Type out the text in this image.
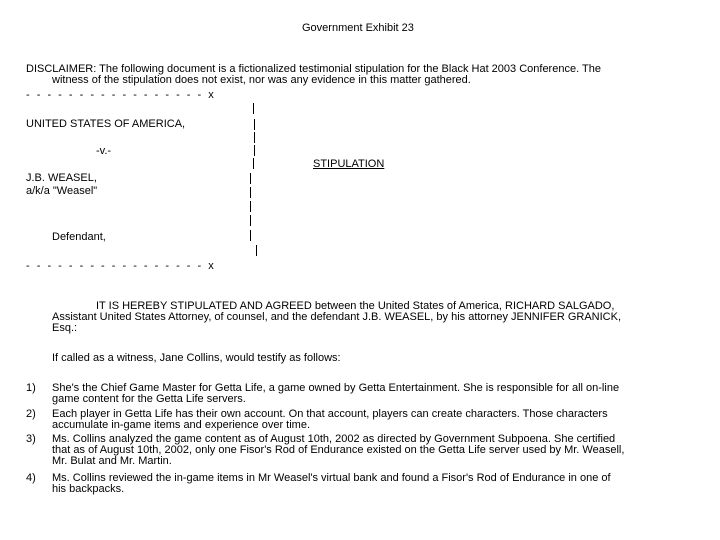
Government Exhibit 23
DISCLAIMER: The following document is a fictionalized testimonial stipulation for the Black Hat 2003 Conference. The
witness of the stipulation does not exist, nor was any evidence in this matter gathered.
- - - - - - - - - - - - - - - - - x
UNITED STATES OF AMERICA,
-v.-
STIPULATION
J.B. WEASEL,
a/k/a "Weasel"
Defendant,
- - - - - - - - - - - - - - - - - x
IT IS HEREBY STIPULATED AND AGREED between the United States of America, RICHARD SALGADO,
Assistant United States Attorney, of counsel, and the defendant J.B. WEASEL, by his attorney JENNIFER GRANICK,
Esq.:
If called as a witness, Jane Collins, would testify as follows:
1) She's the Chief Game Master for Getta Life, a game owned by Getta Entertainment. She is responsible for all on-line
game content for the Getta Life servers.
2) Each player in Getta Life has their own account. On that account, players can create characters. Those characters
accumulate in-game items and experience over time.
3) Ms. Collins analyzed the game content as of August 10th, 2002 as directed by Government Subpoena. She certified
that as of August 10th, 2002, only one Fisor's Rod of Endurance existed on the Getta Life server used by Mr. Weasell,
Mr. Bulat and Mr. Martin.
4) Ms. Collins reviewed the in-game items in Mr Weasel's virtual bank and found a Fisor's Rod of Endurance in one of
his backpacks.
